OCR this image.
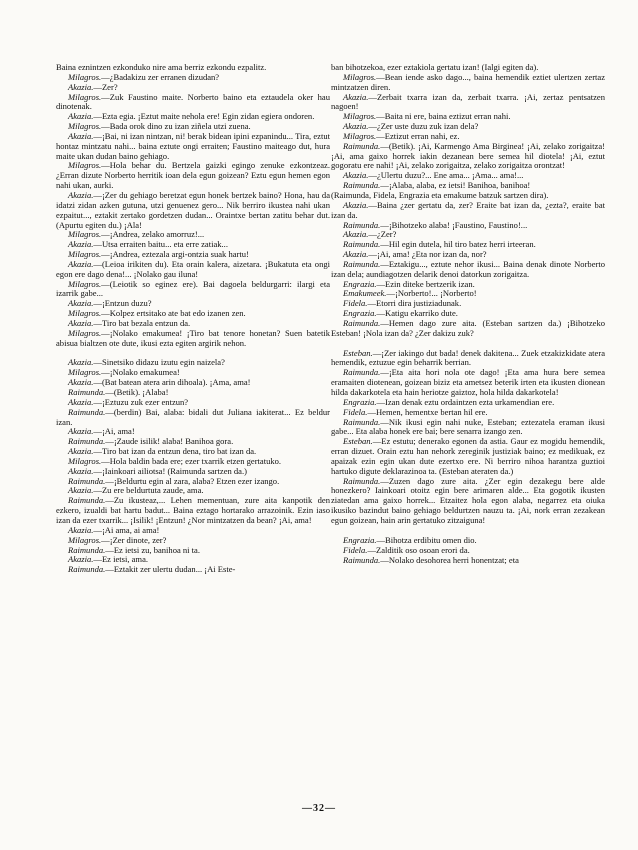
Baina eznintzen ezkonduko nire ama berriz ezkondu ezpalitz.

Milagros.—¿Badakizu zer erranen dizudan?

Akazia.—Zer?

Milagros.—Zuk Faustino maite. Norberto baino eta eztaudela oker hau dinotenak.

Akazia.—Ezta egia. ¡Eztut maite nehola ere! Egin zidan egiera ondoren.

Milagros.—Bada orok dino zu izan ziñela utzi zuena.

Akazia.—¡Bai, ni izan nintzan, ni! berak bidean ipini ezpanindu... Tira, eztut hontaz mintzatu nahi... baina eztute ongi erraiten; Faustino maiteago dut, hura maite ukan dudan baino gehiago.

Milagros.—Hola behar du. Bertzela gaizki egingo zenuke ezkontzeaz. ¿Erran dizute Norberto herritik ioan dela egun goizean? Eztu egun hemen egon nahi ukan, aurki.

Akazia.—¡Zer du gehiago beretzat egun honek bertzek baino? Hona, hau da idatzi zidan azken gutuna, utzi genuenez gero... Nik berriro ikustea nahi ukan ezpaitut..., eztakit zertako gordetzen dudan... Oraintxe bertan zatitu behar dut. (Apurtu egiten du.) ¡Ala!

Milagros.—¡Andrea, zelako amorruz!...

Akazia.—Utsa erraiten baitu... eta erre zatiak...

Milagros.—¡Andrea, eztezala argi-ontzia suak hartu!

Akazia.—(Leioa irikiten du). Eta orain kalera, aizetara. ¡Bukatuta eta ongi egon ere dago dena!... ¡Nolako gau iluna!

Milagros.—(Leiotik so eginez ere). Bai dagoela beldurgarri: ilargi eta izarrik gabe...

Akazia.—¡Entzun duzu?

Milagros.—Kolpez ertsitako ate bat edo izanen zen.

Akazia.—Tiro bat bezala entzun da.

Milagros.—¡Nolako emakumea! ¡Tiro bat tenore honetan? Suen batetik abisua bialtzen ote dute, ikusi ezta egiten argirik nehon.

Akazia.—Sinetsiko didazu izutu egin naizela?

Milagros.—¡Nolako emakumea!

Akazia.—(Bat batean atera arin dihoala). ¡Ama, ama!

Raimunda.—(Betik). ¡Alaba!

Akazia.—¡Eztuzu zuk ezer entzun?

Raimunda.—(berdin) Bai, alaba: bidali dut Juliana iakiterat... Ez beldur izan.

Akazia.—¡Ai, ama!

Raimunda.—¡Zaude isilik! alaba! Banihoa gora.

Akazia.—Tiro bat izan da entzun dena, tiro bat izan da.

Milagros.—Hola baldin bada ere; ezer txarrik etzen gertatuko.

Akazia.—¡Iainkoari ailiotsa! (Raimunda sartzen da.)

Raimunda.—¡Beldurtu egin al zara, alaba? Etzen ezer izango.

Akazia.—Zu ere beldurtuta zaude, ama.

Raimunda.—Zu ikusteaz,... Lehen mementuan, zure aita kanpotik den ezkero, izualdi bat hartu badut... Baina eztago hortarako arrazoinik. Ezin iaso izan da ezer txarrik... ¡Isilik! ¡Entzun! ¿Nor mintzatzen da bean? ¡Ai, ama!

Akazia.—¡Ai ama, ai ama!

Milagros.—¡Zer dinote, zer?

Raimunda.—Ez ietsi zu, banihoa ni ta.

Akazia.—Ez ietsi, ama.

Raimunda.—Eztakit zer ulertu dudan... ¡Ai Este-

ban bihotzekoa, ezer eztakiola gertatu izan! (Ialgi egiten da).

Milagros.—Bean iende asko dago..., baina hemendik eztiet ulertzen zertaz mintzatzen diren.

Akazia.—Zerbait txarra izan da, zerbait txarra. ¡Ai, zertaz pentsatzen nagoen!

Milagros.—Baita ni ere, baina eztizut erran nahi.

Akazia.—¿Zer uste duzu zuk izan dela?

Milagros.—Eztizut erran nahi, ez.

Raimunda.—(Betik). ¡Ai, Karmengo Ama Birginea! ¡Ai, zelako zorigaitza! ¡Ai, ama gaixo horrek iakin dezanean bere semea hil diotela! ¡Ai, eztut gogoratu ere nahi! ¡Ai, zelako zorigaitza, zelako zorigaitza orontzat!

Akazia.—¿Ulertu duzu?... Ene ama... ¡Ama... ama!...

Raimunda.—¡Alaba, alaba, ez ietsi! Banihoa, banihoa!

(Raimunda, Fidela, Engrazia eta emakume batzuk sartzen dira).

Akazia.—Baina ¿zer gertatu da, zer? Eraite bat izan da, ¿ezta?, eraite bat izan da.

Raimunda.—¡Bihotzeko alaba! ¡Faustino, Faustino!...

Akazia.—¿Zer?

Raimunda.—Hil egin dutela, hil tiro batez herri irteeran.

Akazia.—¡Ai, ama! ¿Eta nor izan da, nor?

Raimunda.—Eztakigu..., eztute nehor ikusi... Baina denak dinote Norberto izan dela; aundiagotzen delarik denoi datorkun zorigaitza.

Engrazia.—Ezin diteke bertzerik izan.

Emakumeek.—¡Norberto!... ¡Norberto!

Fidela.—Etorri dira justiziadunak.

Engrazia.—Katigu ekarriko dute.

Raimunda.—Hemen dago zure aita. (Esteban sartzen da.) ¡Bihotzeko Esteban! ¡Nola izan da? ¿Zer dakizu zuk?

Esteban.—¡Zer iakingo dut bada! denek dakitena... Zuek etzakizkidate atera hemendik, eztuzue egin beharrik berrian.

Raimunda.—¡Eta aita hori nola ote dago! ¡Eta ama hura bere semea eramaiten diotenean, goizean biziz eta ametsez beterik irten eta ikusten dionean hilda dakarkotela eta hain heriotze gaiztoz, hola hilda dakarkotela!

Engrazia.—Izan denak eztu ordaintzen ezta urkamendian ere.

Fidela.—Hemen, hementxe bertan hil ere.

Raimunda.—Nik ikusi egin nahi nuke, Esteban; eztezatela eraman ikusi gabe... Eta alaba honek ere bai; bere senarra izango zen.

Esteban.—Ez estutu; denerako egonen da astia. Gaur ez mogidu hemendik, erran dizuet. Orain eztu han nehork zereginik justiziak baino; ez medikuak, ez apaizak ezin egin ukan dute ezertxo ere. Ni berriro nihoa harantza guztioi hartuko digute deklarazinoa ta. (Esteban ateraten da.)

Raimunda.—Zuzen dago zure aita. ¿Zer egin dezakegu bere alde honezkero? Iainkoari otoitz egin bere arimaren alde... Eta gogotik ikusten ziatedan ama gaixo horrek... Etzaitez hola egon alaba, negarrez eta oiuka ikusiko bazindut baino gehiago beldurtzen nauzu ta. ¡Ai, nork erran zezakean egun goizean, hain arin gertatuko zitzaiguna!

Engrazia.—Bihotza erdibitu omen dio.

Fidela.—Zalditik oso osoan erori da.

Raimunda.—Nolako desohorea herri honentzat; eta

—32—
